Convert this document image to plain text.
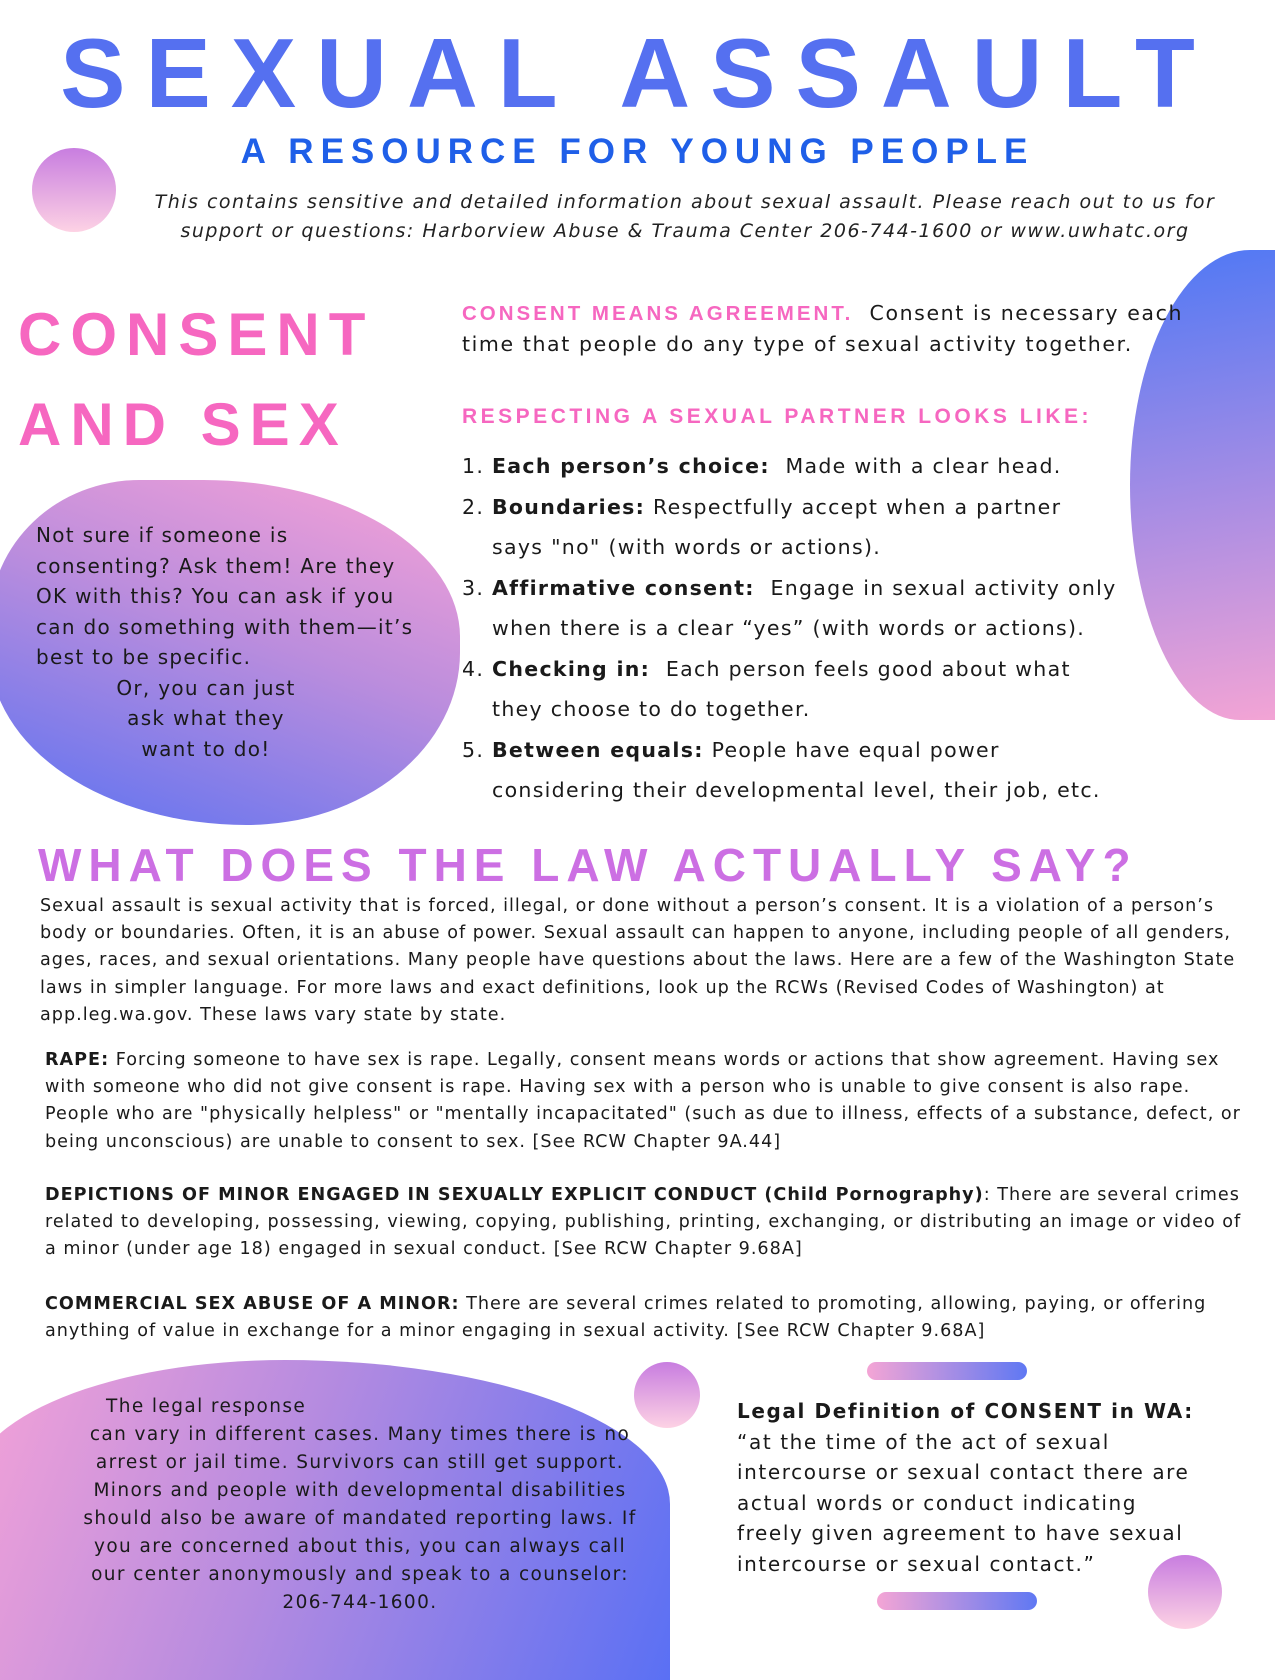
SEXUAL ASSAULT
A RESOURCE FOR YOUNG PEOPLE
This contains sensitive and detailed information about sexual assault. Please reach out to us for support or questions: Harborview Abuse & Trauma Center 206-744-1600 or www.uwhatc.org
CONSENT
AND SEX
Not sure if someone is consenting? Ask them! Are they OK with this? You can ask if you can do something with them—it’s best to be specific.
Or, you can just
ask what they
want to do!
CONSENT MEANS AGREEMENT. Consent is necessary each time that people do any type of sexual activity together.
RESPECTING A SEXUAL PARTNER LOOKS LIKE:
1. Each person’s choice: Made with a clear head.
2. Boundaries: Respectfully accept when a partner
says "no" (with words or actions).
3. Affirmative consent: Engage in sexual activity only
when there is a clear “yes” (with words or actions).
4. Checking in: Each person feels good about what
they choose to do together.
5. Between equals: People have equal power
considering their developmental level, their job, etc.
WHAT DOES THE LAW ACTUALLY SAY?
Sexual assault is sexual activity that is forced, illegal, or done without a person’s consent. It is a violation of a person’s body or boundaries. Often, it is an abuse of power. Sexual assault can happen to anyone, including people of all genders, ages, races, and sexual orientations. Many people have questions about the laws. Here are a few of the Washington State laws in simpler language. For more laws and exact definitions, look up the RCWs (Revised Codes of Washington) at app.leg.wa.gov. These laws vary state by state.
RAPE: Forcing someone to have sex is rape. Legally, consent means words or actions that show agreement. Having sex with someone who did not give consent is rape. Having sex with a person who is unable to give consent is also rape. People who are "physically helpless" or "mentally incapacitated" (such as due to illness, effects of a substance, defect, or being unconscious) are unable to consent to sex. [See RCW Chapter 9A.44]
DEPICTIONS OF MINOR ENGAGED IN SEXUALLY EXPLICIT CONDUCT (Child Pornography): There are several crimes related to developing, possessing, viewing, copying, publishing, printing, exchanging, or distributing an image or video of a minor (under age 18) engaged in sexual conduct. [See RCW Chapter 9.68A]
COMMERCIAL SEX ABUSE OF A MINOR: There are several crimes related to promoting, allowing, paying, or offering anything of value in exchange for a minor engaging in sexual activity. [See RCW Chapter 9.68A]
The legal response
can vary in different cases. Many times there is no arrest or jail time. Survivors can still get support. Minors and people with developmental disabilities should also be aware of mandated reporting laws. If you are concerned about this, you can always call our center anonymously and speak to a counselor: 206-744-1600.
Legal Definition of CONSENT in WA:  “at the time of the act of sexual intercourse or sexual contact there are actual words or conduct indicating freely given agreement to have sexual intercourse or sexual contact.”
